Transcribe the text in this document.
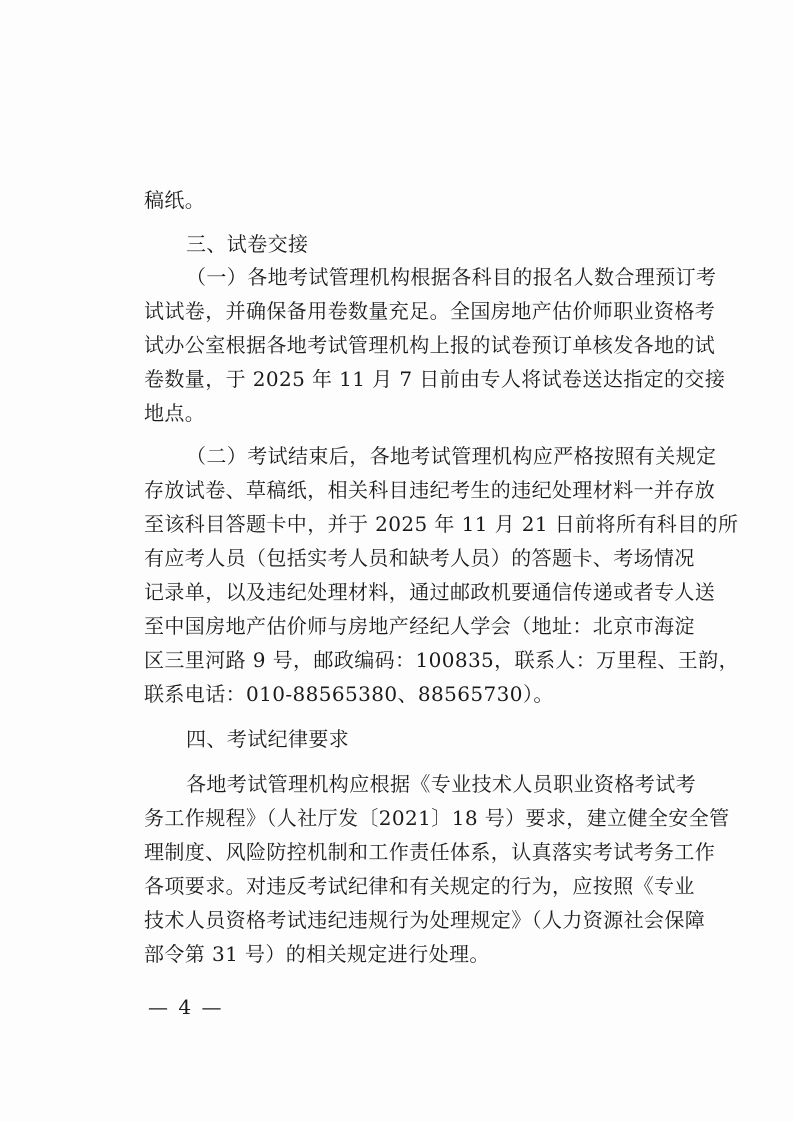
稿纸。
三、试卷交接
（一）各地考试管理机构根据各科目的报名人数合理预订考
试试卷，并确保备用卷数量充足。全国房地产估价师职业资格考
试办公室根据各地考试管理机构上报的试卷预订单核发各地的试
卷数量，于 2025 年 11 月 7 日前由专人将试卷送达指定的交接
地点。
（二）考试结束后，各地考试管理机构应严格按照有关规定
存放试卷、草稿纸，相关科目违纪考生的违纪处理材料一并存放
至该科目答题卡中，并于 2025 年 11 月 21 日前将所有科目的所
有应考人员（包括实考人员和缺考人员）的答题卡、考场情况
记录单，以及违纪处理材料，通过邮政机要通信传递或者专人送
至中国房地产估价师与房地产经纪人学会（地址：北京市海淀
区三里河路 9 号，邮政编码：100835，联系人：万里程、王韵，
联系电话：010-88565380、88565730）。
四、考试纪律要求
各地考试管理机构应根据《专业技术人员职业资格考试考
务工作规程》（人社厅发〔2021〕18 号）要求，建立健全安全管
理制度、风险防控机制和工作责任体系，认真落实考试考务工作
各项要求。对违反考试纪律和有关规定的行为，应按照《专业
技术人员资格考试违纪违规行为处理规定》（人力资源社会保障
部令第 31 号）的相关规定进行处理。
— 4 —
